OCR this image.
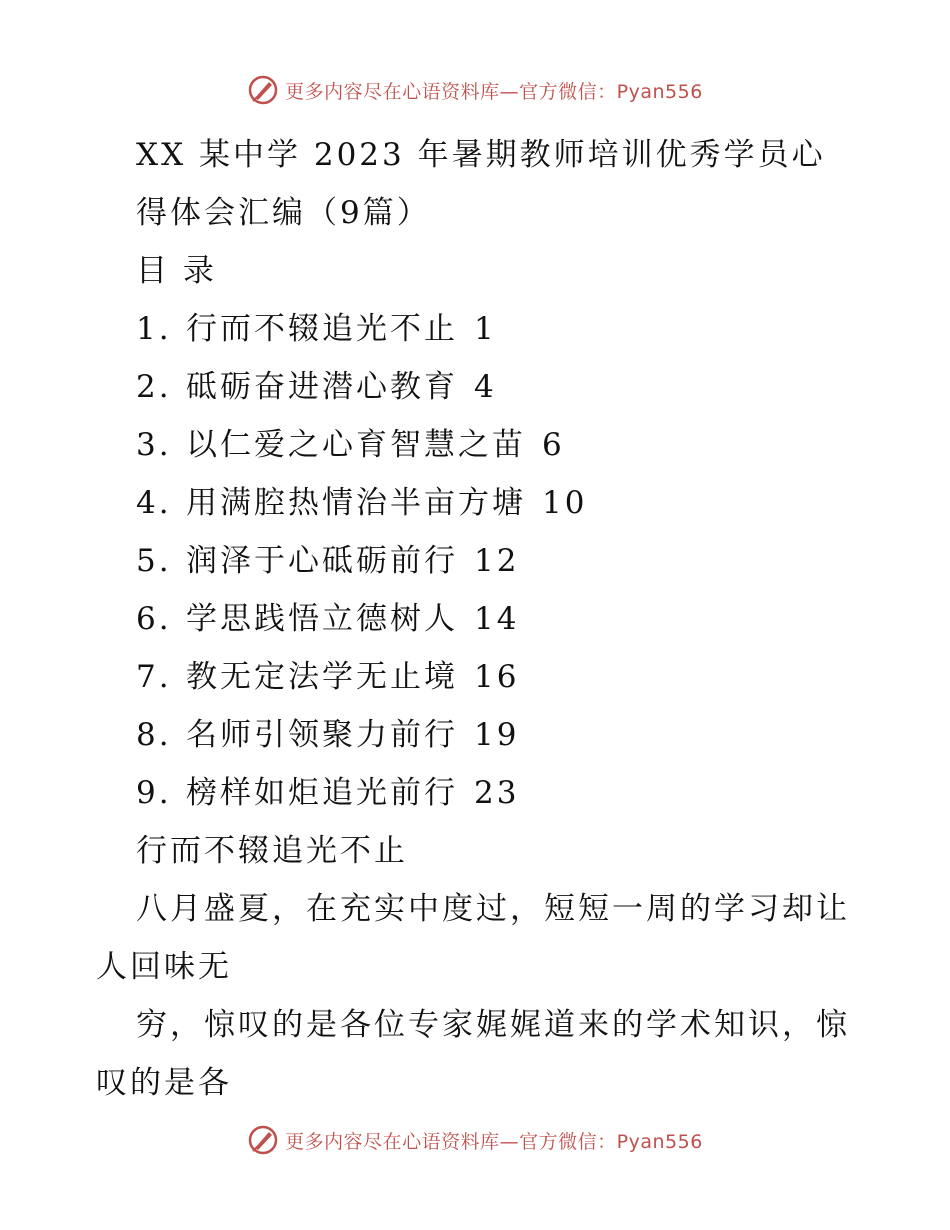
更多内容尽在心语资料库—官方微信：Pyan556
XX 某中学 2023 年暑期教师培训优秀学员心
得体会汇编（9篇）
目 录
1. 行而不辍追光不止 1
2. 砥砺奋进潜心教育 4
3. 以仁爱之心育智慧之苗 6
4. 用满腔热情治半亩方塘 10
5. 润泽于心砥砺前行 12
6. 学思践悟立德树人 14
7. 教无定法学无止境 16
8. 名师引领聚力前行 19
9. 榜样如炬追光前行 23
行而不辍追光不止
八月盛夏，在充实中度过，短短一周的学习却让
人回味无
穷，惊叹的是各位专家娓娓道来的学术知识，惊
叹的是各
更多内容尽在心语资料库—官方微信：Pyan556
